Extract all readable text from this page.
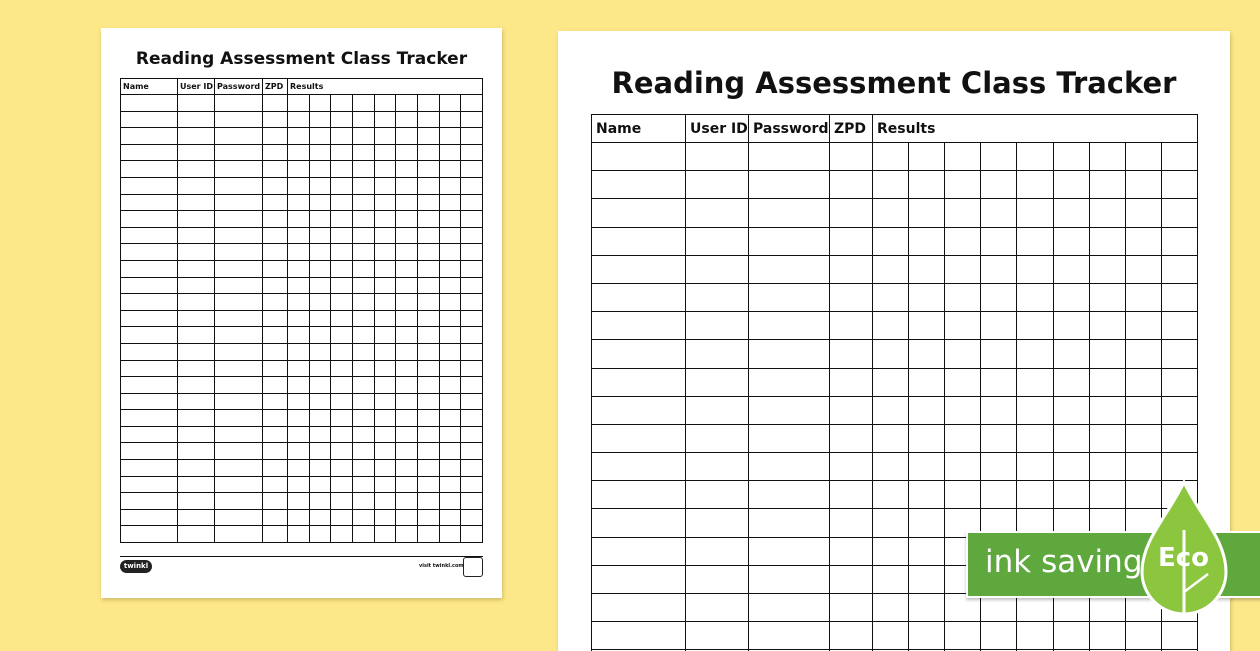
Reading Assessment Class Tracker
Name	User ID	Password	ZPD	Results								

twinkl	visit twinkl.com
Reading Assessment Class Tracker
Name	User ID	Password	ZPD	Results								

ink saving Eco
